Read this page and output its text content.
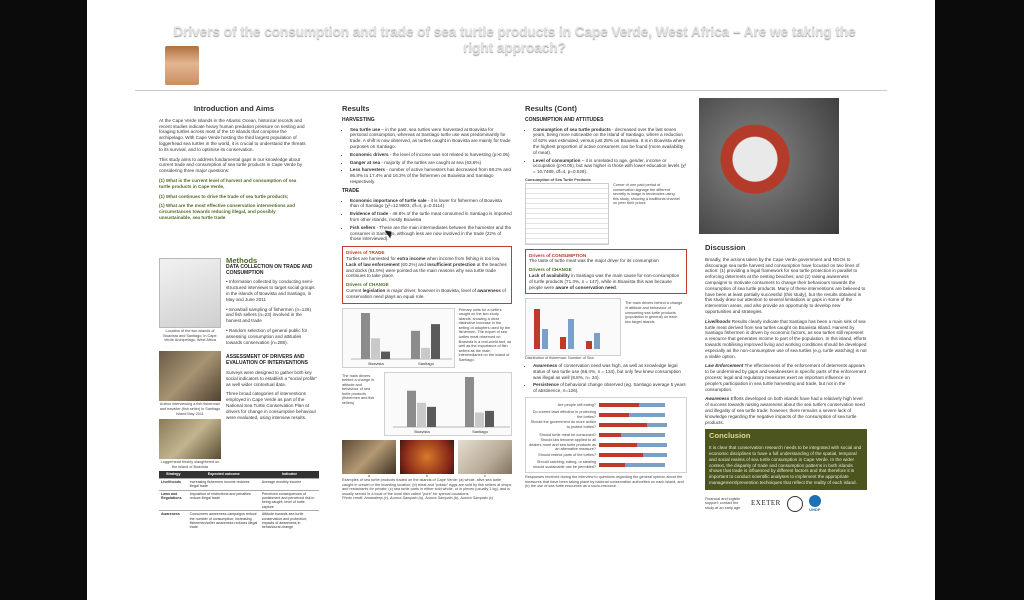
Drivers of the consumption and trade of sea turtle products in Cape Verde, West Africa – Are we taking the right approach?
Introduction and Aims

At the Cape Verde Islands in the Atlantic Ocean, historical records and recent studies indicate heavy human predation pressure on nesting and foraging turtles across most of the 10 islands that comprise the archipelago. With Cape Verde hosting the third largest population of loggerhead sea turtles in the world, it is crucial to understand the threats to its survival, and to optimise its conservation.

This study aims to address fundamental gaps in our knowledge about current trade and consumption of sea turtle products in Cape Verde by considering three major questions:

(1) What is the current level of harvest and consumption of sea turtle products in Cape Verde,

(1) What continues to drive the trade of sea turtle products;

(1) What are the most effective conservation interventions and circumstances towards reducing illegal, and possibly unsustainable, sea turtle trade

Location of the two islands of Boavista and Santiago, in Cape Verde Archipelago, West Africa
Methods
DATA COLLECTION ON TRADE AND CONSUMPTION

• Information collected by conducting semi-structured interviews to target social groups in the islands of Boavista and Santiago, in May and June 2011

• Snowball sampling of fishermen (n=126) and fish sellers (n=23) involved in the harvest and trade

• Random selection of general public for assessing consumption and attitudes towards conservation (n=288).

Author interviewing a fish fisherman and traveller (fish seller) in Santiago Island May 2011
Loggerhead freshly slaughtered on the island of Boavista
ASSESSMENT OF DRIVERS AND EVALUATION OF INTERVENTIONS

Surveys were designed to gather both key social indicators to establish a "social profile" as well wider contextual data.

Three broad categories of interventions employed in Cape Verde as part of the National Sea Turtle Conservation Plan at drivers for change in consumptive behaviour were evaluated, using interview results.

Strategy	Expected outcome	Indicator
Livelihoods	Increasing fishermen income reduces illegal trade	Average monthly income
Laws and Regulations	Imposition of restrictions and penalties reduce illegal trade	Perceived consequences of punishment and perceived risk in being caught; level of turtle capture
Awareness	Consumers awareness campaigns reduce the number of consumption; increasing fishermen/seller awareness reduces illegal trade	Attitude towards sea turtle conservation and protection; impacts of awareness in behavioural change
Results
HARVESTING
• Sea turtle use – in the past, sea turtles were harvested at Boavista for personal consumption, whereas at Santiago turtle use was predominantly for trade. A shift is now observed, as turtles caught in Boavista are mainly for trade purposes on Santiago.
• Economic drivers - the level of income was not related to harvesting (p>0.05)
• Danger at sea - majority of the turtles are caught at sea (63.6%)
• Less harvesters - number of active harvesters has decreased from 68.2% and 86.8% to 17.4% and 16.3% of the fishermen on Boavista and Santiago respectively.
TRADE
• Economic importance of turtle sale - it is lower for fishermen of Boavista than of Santiago (χ²=12.9803, df=4, p=0.0114)
• Evidence of trade - 48.8% of the turtle meat consumed in Santiago is imported from other islands, mostly Boavista
• Fish sellers - These are the main intermediates between the harvester and the consumer in Santiago, although less are now involved in the trade (22% of those interviewed).
Drivers of TRADE
Turtles are harvested for extra income when income from fishing is too low.
Lack of law enforcement (60.2%) and insufficient protection at the beaches and docks (61.9%) were pointed as the main reasons why sea turtle trade continues to take place.
Drivers of CHANGE
Current legislation is major driver, however in Boavista, level of awareness of conservation need plays an equal role.
Boavista	Santiago
Primary units for a turtle's caught on the two study islands, showing a clear distinctive increase in the selling of adopters used by the fishermen. The export of sea turtles meat observed on Boavista is a real-world fact, as well as the importance of fish sellers as the main intermediaries on the island of Santiago.
The main drivers behind a change in attitude and behaviour of sea turtle products (fishermen and fish sellers)
Boavista	Santiago
a	b	c
Examples of sea turtle products traded on the islands of Cape Verde: (a) whole, alive sea turtle caught in crewel or the boarding location; (b) meat and "potato" eggs are sold by fish sellers at shops and restaurants for private; (c) sea turtle parts in either sold whole, or in pieces (usually 1 kg), and is usually served in a local of the local dish called "puré" for special occasions.
Photo credit: Amandeep (c), Aurora Sampaio (a), Aurora Sampaio (b), Aurora Sampaio (c)
Results (Cont)
CONSUMPTION AND ATTITUDES
• Consumption of sea turtle products - decreased over the last seven years, being more noticeable on the island of Santiago, where a reduction of 62% was estimated, versus just 28% on Boavista. It is in Boavista where the highest proportion of active consumers can be found (more availability of meat).
• Level of consumption – it is unrelated to age, gender, income or occupation (p>0.05), but was higher in those with lower education levels (χ² = 10.7489, df=4, p=0.029).
Consumption of Sea Turtle Products
Corner of one paid period of conservation signage the different secretly is image is tendencies using this study, showing a traditional channel on peer their prices
Drivers of CONSUMPTION
The taste of turtle meat was the major driver for its consumption
Drivers of CHANGE
Lack of availability in Santiago was the main cause for non-consumption of turtle products (71.3%, n = 147), while in Boavista this was because people were aware of conservation need.
Distribution of fisherman: Number of Sea
The main drivers behind a change in attitude and behaviour of consuming sea turtle products (population in general) on each two target islands
• Awareness of conservation need was high, as well as knowledge legal status of sea turtle use (68.4%, n = 134), but only few knew consumption was illegal as well (8.8%, n= 34).
• Persistence of behavioral change observed (eg. Santiago average 5 years of abstinence, n=126).
Are people still eating?
Do current laws effective in protecting the turtles?
Should the government do more action to protect turtles?
Should turtle meat be consumed?
Should law become applied to all dealers more and sea turtle products as an alternative measure?
Should restrict parts of the turtles?
Should catching, eating, or stealing should sustainable use be permitted?
Responses received during the interview to questions regarding the general opinion about the measures that have been taking place by national conservation authorities on each island, and (b) the use of sea turtle resources as a socio-resource.
Discussion

Broadly, the actions taken by the Cape Verde government and NGOs to discourage sea turtle harvest and consumption have focused on two lines of action: (1) providing a legal framework for sea turtle protection in parallel to enforcing deterrents at the nesting beaches; and (2) raising awareness campaigns to motivate consumers to change their behaviours towards the consumption of sea turtle products. Many of these interventions are believed to have been at least partially successful (this study), but the results obtained in this study draw our attention to several limitations or gaps in some of the intervention areas, and also provide an opportunity to develop new opportunities and strategies.

Livelihoods Results clearly indicate that Santiago has been a main sink of sea turtle meat derived from sea turtles caught on Boavista Island. Harvest by Santiago fishermen is driven by economic factors, as sea turtles still represent a resource that generates income to part of the population. In this island, efforts towards mobilising improved living and working conditions should be developed especially as the non-consumptive use of sea turtles (e.g. turtle watching) is not a viable option.

Law Enforcement The effectiveness of the enforcement of deterrents appears to be undermined by gaps and weaknesses in specific parts of the enforcement process; legal and regulatory measures exert an important influence on people's participation in sea turtle harvesting and trade, but not in the consumption.

Awareness Efforts developed on both islands have had a relatively high level of success towards raising awareness about the sea turtle's conservation need and illegality of sea turtle trade; however, there remains a severe lack of knowledge regarding the negative impacts of the consumption of sea turtle products.

Conclusion
It is clear that conservation research needs to be integrated with social and economic disciplines to have a full understanding of the spatial, temporal and social realms of sea turtle consumption in Cape Verde. In the wider context, the disparity of trade and consumption patterns in both islands shows that trade is influenced by different factors and that therefore it is important to conduct scientific analyses to implement the appropriate management/prevention techniques that reflect the reality of each island.
Financial and logistic support: contact the study at an early age
EXETER
UNDP
